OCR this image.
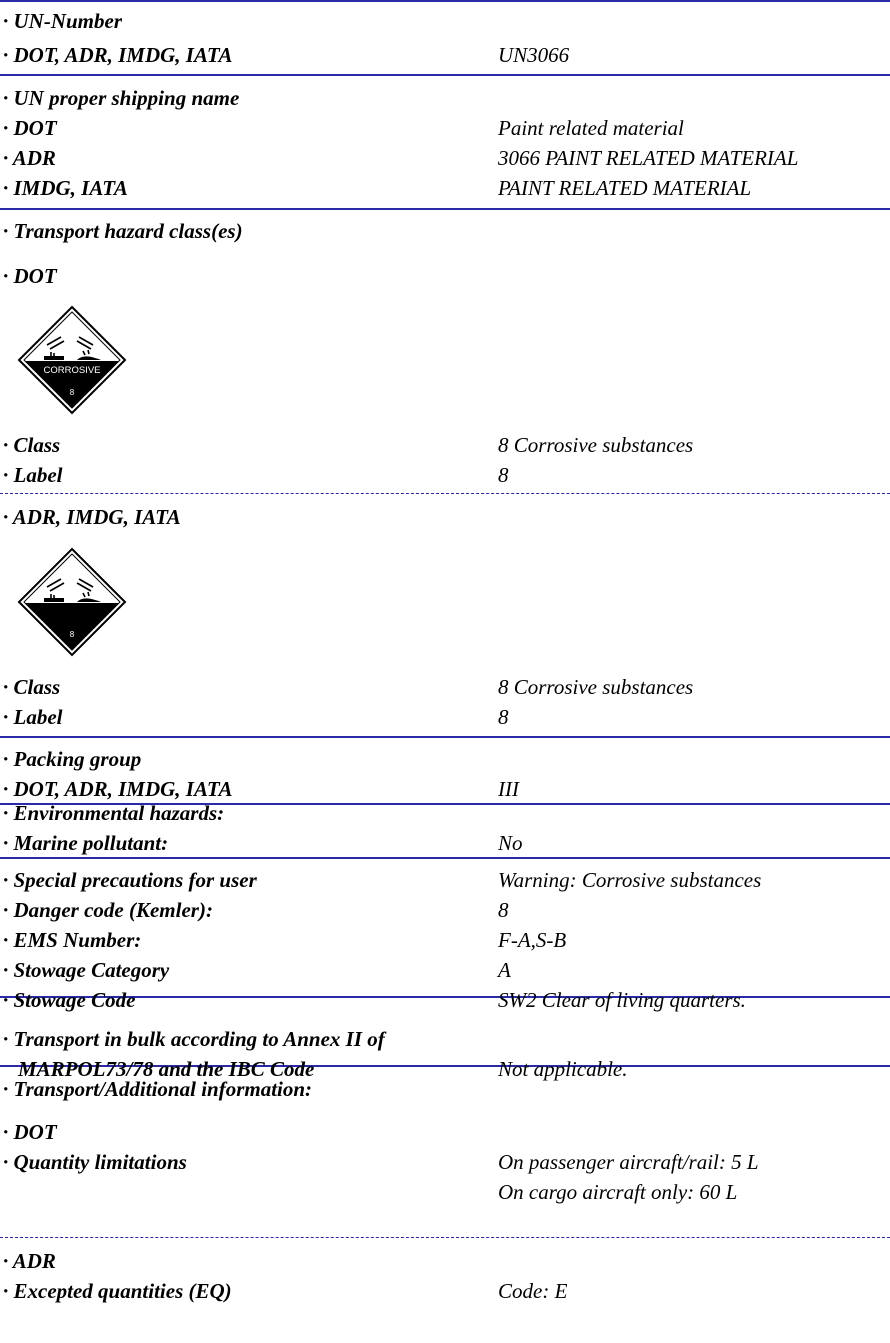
· UN-Number
· DOT, ADR, IMDG, IATA	UN3066
· UN proper shipping name
· DOT	Paint related material
· ADR	3066 PAINT RELATED MATERIAL
· IMDG, IATA	PAINT RELATED MATERIAL
· Transport hazard class(es)
· DOT
CORROSIVE
8
· Class	8 Corrosive substances
· Label	8
· ADR, IMDG, IATA
8
· Class	8 Corrosive substances
· Label	8
· Packing group
· DOT, ADR, IMDG, IATA	III
· Environmental hazards:
· Marine pollutant:	No
· Special precautions for user	Warning: Corrosive substances
· Danger code (Kemler):	8
· EMS Number:	F-A,S-B
· Stowage Category	A
· Stowage Code	SW2 Clear of living quarters.
· Transport in bulk according to Annex II of
MARPOL73/78 and the IBC Code	Not applicable.
· Transport/Additional information:
· DOT
· Quantity limitations	On passenger aircraft/rail: 5 L
On cargo aircraft only: 60 L
· ADR
· Excepted quantities (EQ)	Code: E
